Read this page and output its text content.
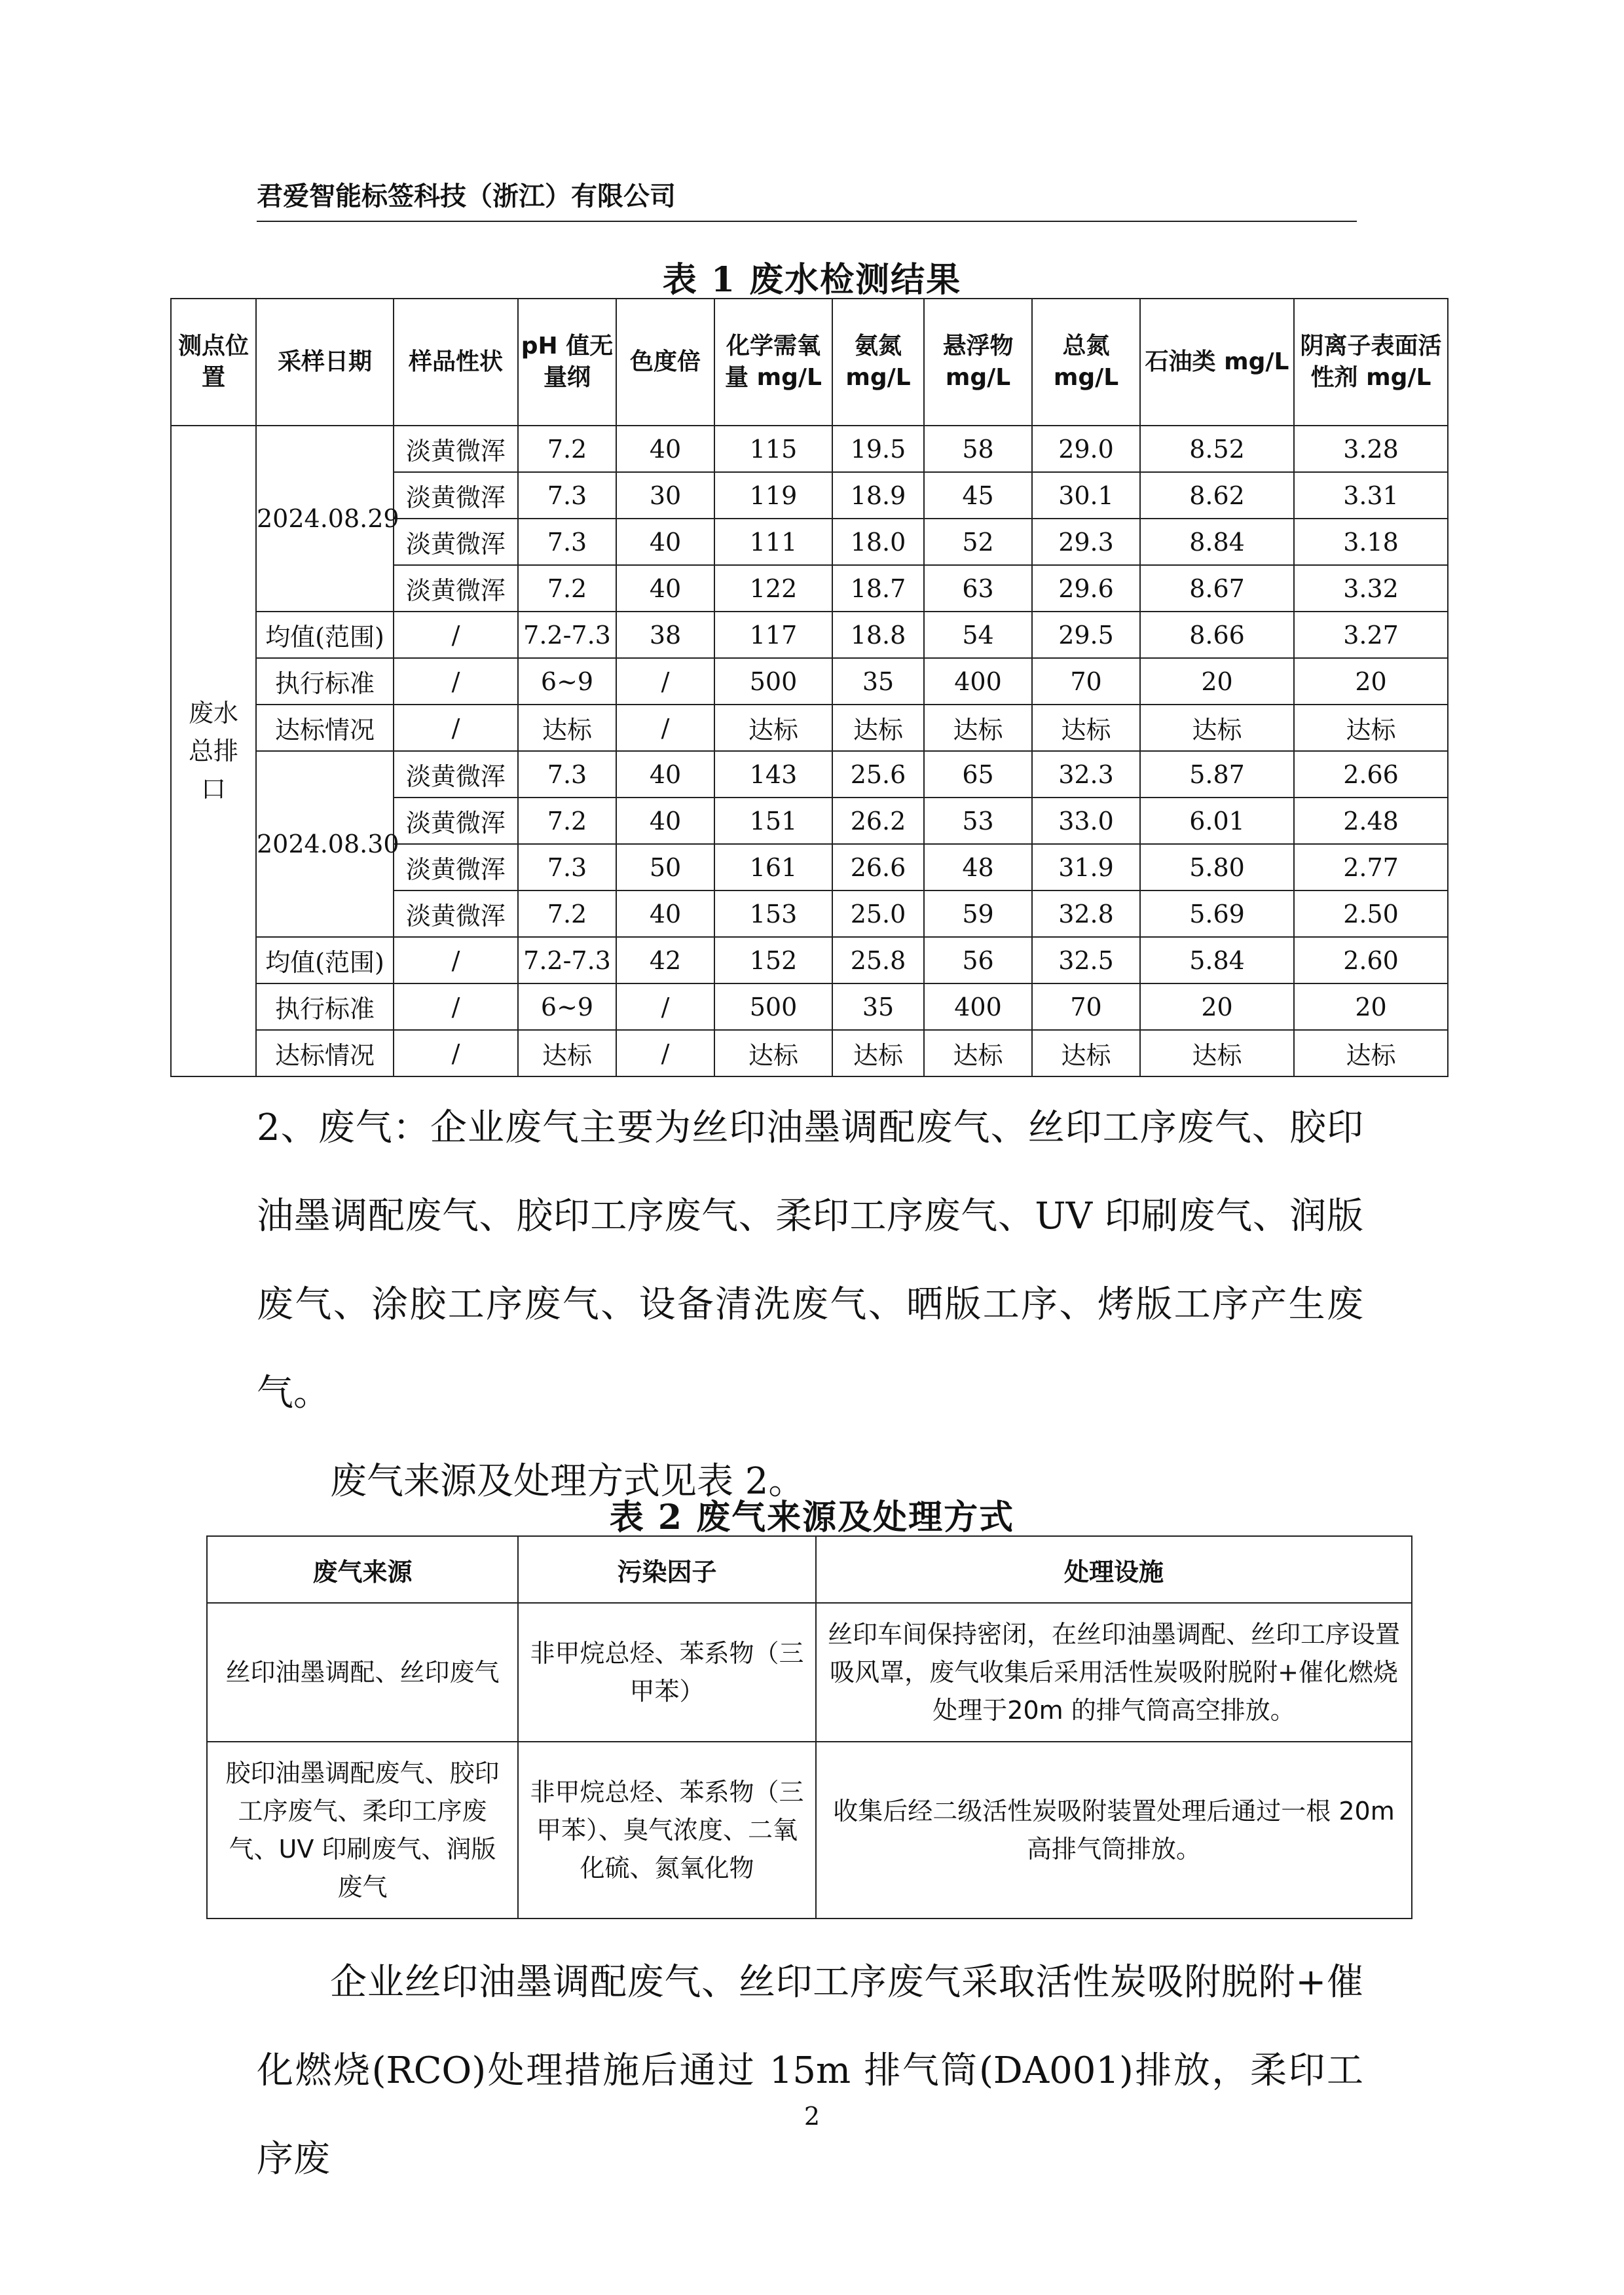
君爱智能标签科技（浙江）有限公司
表 1 废水检测结果
测点位置	采样日期	样品性状	pH 值无量纲	色度倍	化学需氧量 mg/L	氨氮 mg/L	悬浮物 mg/L	总氮 mg/L	石油类 mg/L	阴离子表面活性剂 mg/L
废水总排口	2024.08.29	淡黄微浑	7.2	40	115	19.5	58	29.0	8.52	3.28
		淡黄微浑	7.3	30	119	18.9	45	30.1	8.62	3.31
		淡黄微浑	7.3	40	111	18.0	52	29.3	8.84	3.18
		淡黄微浑	7.2	40	122	18.7	63	29.6	8.67	3.32
	均值(范围)	/	7.2-7.3	38	117	18.8	54	29.5	8.66	3.27
	执行标准	/	6~9	/	500	35	400	70	20	20
	达标情况	/	达标	/	达标	达标	达标	达标	达标	达标
	2024.08.30	淡黄微浑	7.3	40	143	25.6	65	32.3	5.87	2.66
		淡黄微浑	7.2	40	151	26.2	53	33.0	6.01	2.48
		淡黄微浑	7.3	50	161	26.6	48	31.9	5.80	2.77
		淡黄微浑	7.2	40	153	25.0	59	32.8	5.69	2.50
	均值(范围)	/	7.2-7.3	42	152	25.8	56	32.5	5.84	2.60
	执行标准	/	6~9	/	500	35	400	70	20	20
	达标情况	/	达标	/	达标	达标	达标	达标	达标	达标
2、废气：企业废气主要为丝印油墨调配废气、丝印工序废气、胶印油墨调配废气、胶印工序废气、柔印工序废气、UV 印刷废气、润版废气、涂胶工序废气、设备清洗废气、晒版工序、烤版工序产生废气。
废气来源及处理方式见表 2。
表 2 废气来源及处理方式
废气来源	污染因子	处理设施
丝印油墨调配、丝印废气	非甲烷总烃、苯系物（三甲苯）	丝印车间保持密闭，在丝印油墨调配、丝印工序设置吸风罩，废气收集后采用活性炭吸附脱附+催化燃烧处理于20m 的排气筒高空排放。
胶印油墨调配废气、胶印工序废气、柔印工序废气、UV 印刷废气、润版废气	非甲烷总烃、苯系物（三甲苯）、臭气浓度、二氧化硫、氮氧化物	收集后经二级活性炭吸附装置处理后通过一根 20m 高排气筒排放。
企业丝印油墨调配废气、丝印工序废气采取活性炭吸附脱附+催化燃烧(RCO)处理措施后通过 15m 排气筒(DA001)排放，柔印工序废
2
